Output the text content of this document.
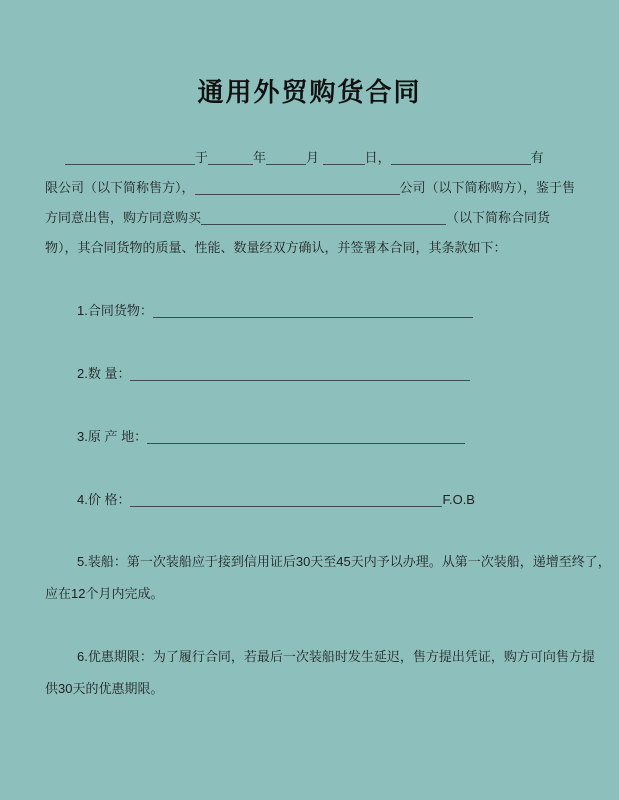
通用外贸购货合同
于	年	月	日，	有
限公司（以下简称售方），	公司（以下简称购方），鉴于售
方同意出售，购方同意购买	（以下简称合同货
物），其合同货物的质量、性能、数量经双方确认，并签署本合同，其条款如下：
1.合同货物：
2.数 量：
3.原 产 地：
4.价 格：	F.O.B
5.装船：第一次装船应于接到信用证后30天至45天内予以办理。从第一次装船，递增至终了，
应在12个月内完成。
6.优惠期限：为了履行合同，若最后一次装船时发生延迟，售方提出凭证，购方可向售方提
供30天的优惠期限。
